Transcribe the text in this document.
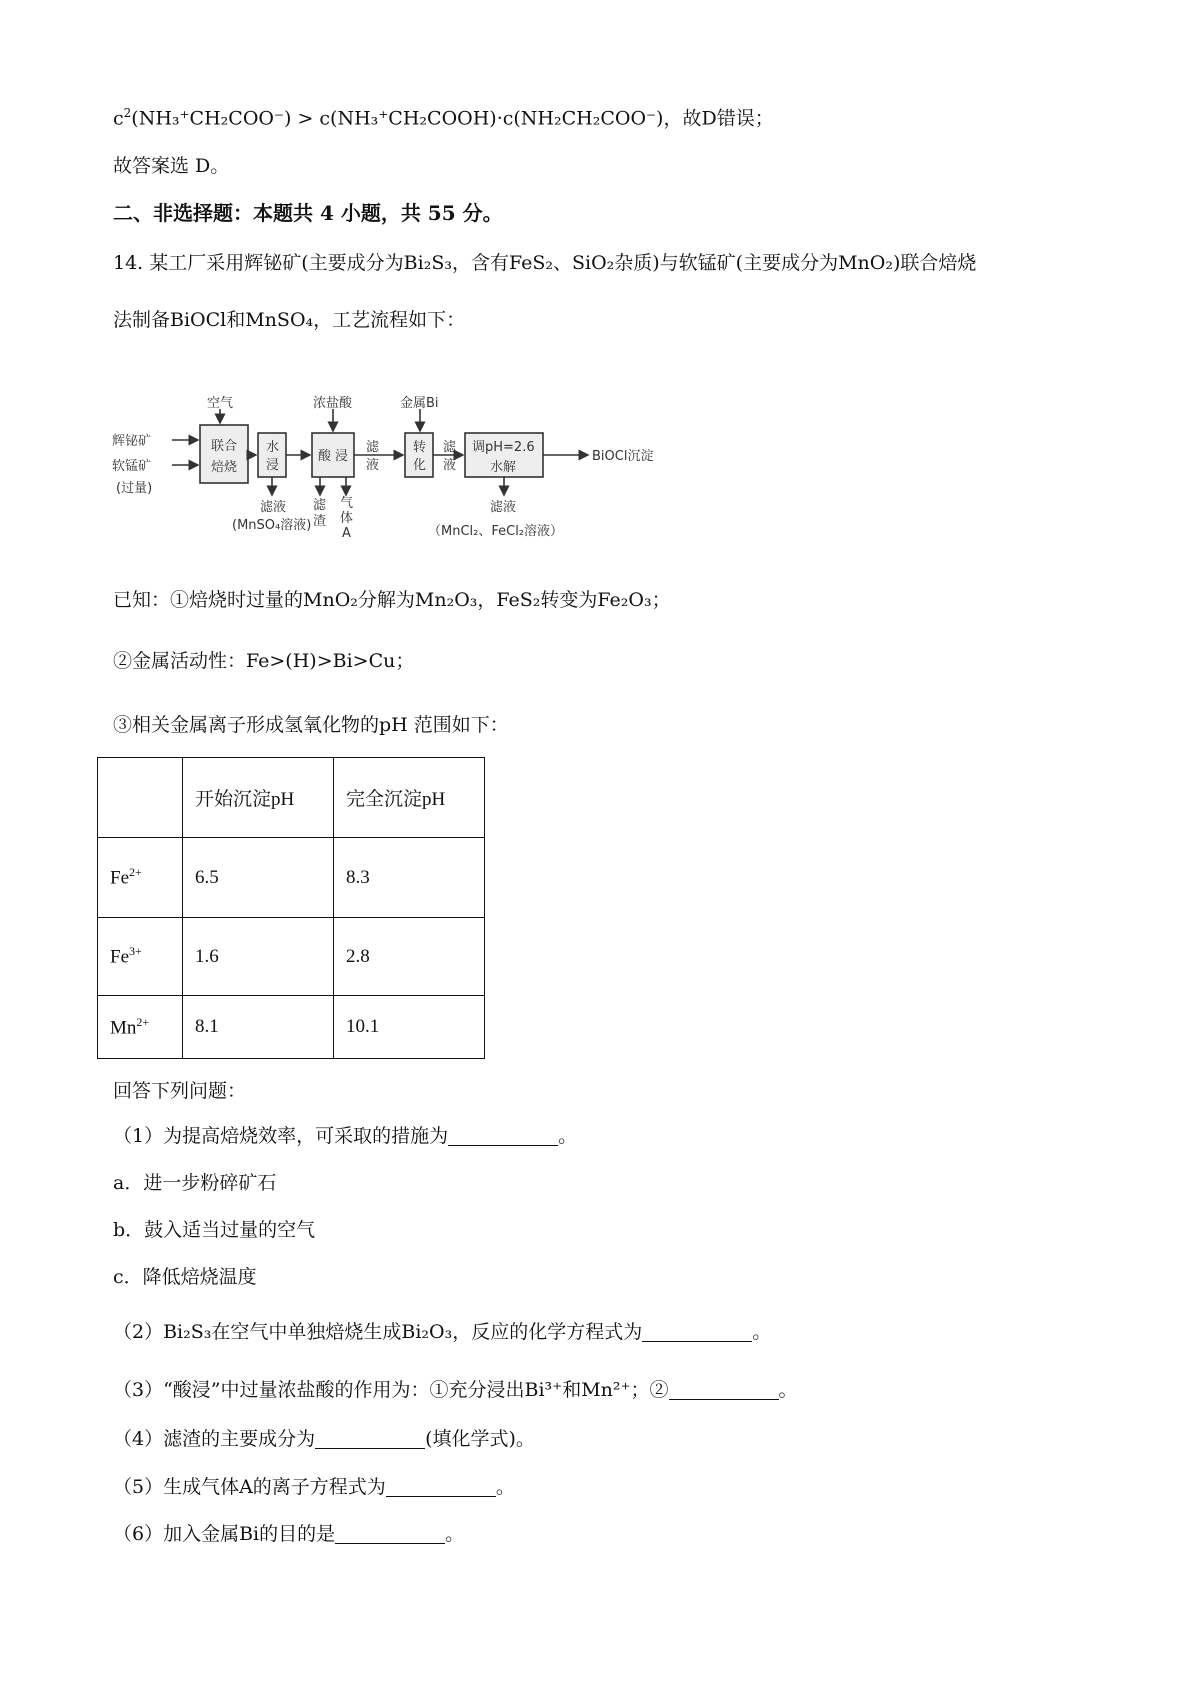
$c^2(NH_3^+CH_2COO^-)$ > c(NH₃⁺CH₂COOH)·c(NH₂CH₂COO⁻)，故D错误；
故答案选 D。
二、非选择题：本题共 4 小题，共 55 分。
14. 某工厂采用辉铋矿(主要成分为Bi₂S₃，含有FeS₂、SiO₂杂质)与软锰矿(主要成分为MnO₂)联合焙烧
法制备BiOCl和MnSO₄，工艺流程如下：
辉铋矿
软锰矿
(过量)
空气
联合
焙烧
水
浸
浓盐酸
酸 浸
滤
液
金属Bi
转
化
滤
液
调pH=2.6
水解
BiOCl沉淀
滤液
(MnSO₄溶液)
滤
渣
气
体
A
滤液
（MnCl₂、FeCl₂溶液）
已知：①焙烧时过量的MnO₂分解为Mn₂O₃，FeS₂转变为Fe₂O₃；
②金属活动性：Fe>(H)>Bi>Cu；
③相关金属离子形成氢氧化物的pH 范围如下：
	开始沉淀pH	完全沉淀pH
$Fe^{2+}$	6.5	8.3
$Fe^{3+}$	1.6	2.8
$Mn^{2+}$	8.1	10.1
回答下列问题：
（1）为提高焙烧效率，可采取的措施为	。
a．进一步粉碎矿石
b．鼓入适当过量的空气
c．降低焙烧温度
（2）Bi₂S₃在空气中单独焙烧生成Bi₂O₃，反应的化学方程式为	。
（3）“酸浸”中过量浓盐酸的作用为：①充分浸出Bi³⁺和Mn²⁺；②	。
（4）滤渣的主要成分为	(填化学式)。
（5）生成气体A的离子方程式为	。
（6）加入金属Bi的目的是	。
